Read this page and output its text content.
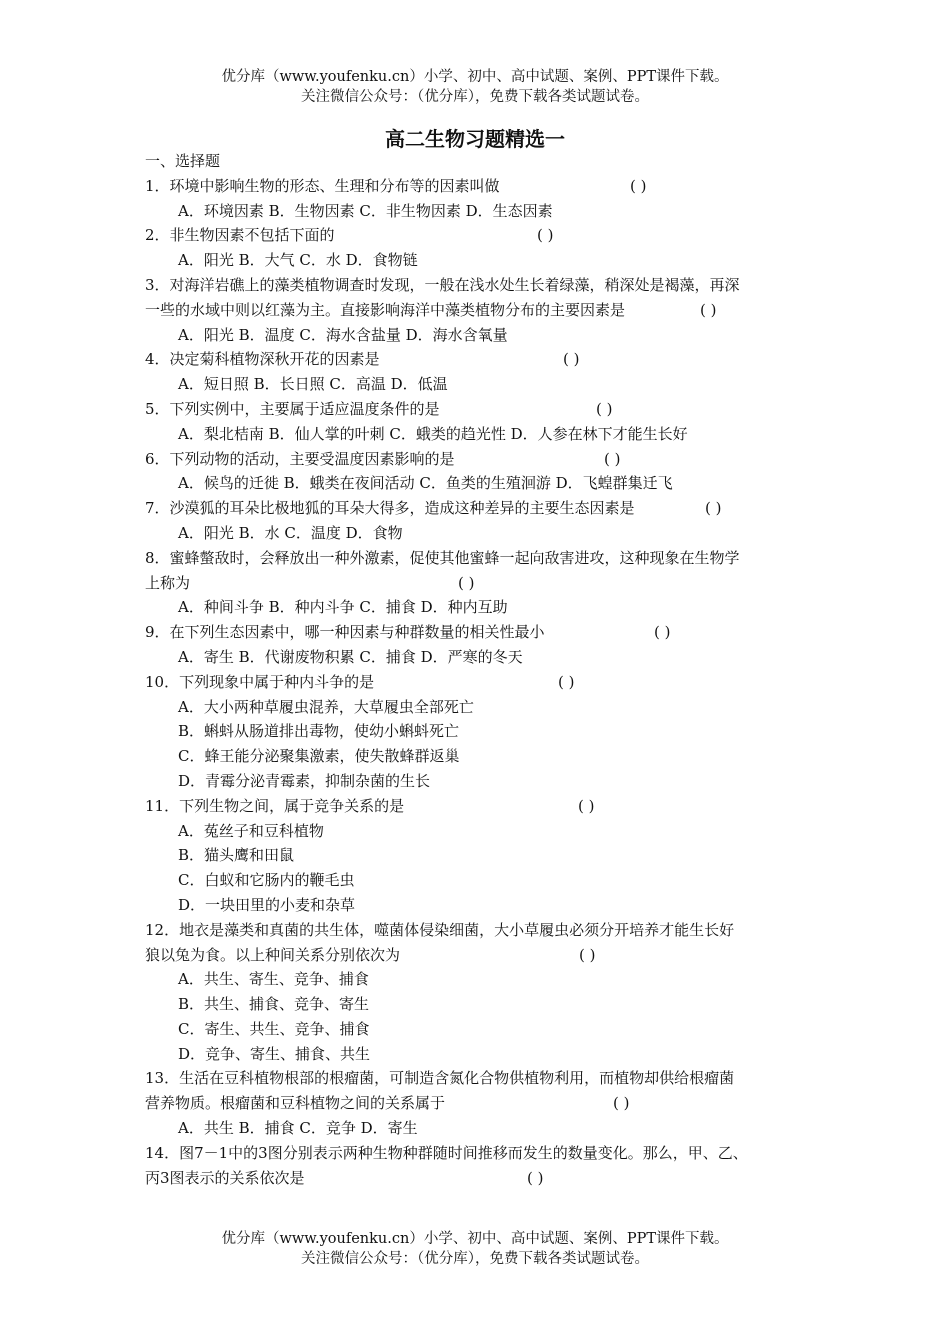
优分库（www.youfenku.cn）小学、初中、高中试题、案例、PPT课件下载。
关注微信公众号：（优分库），免费下载各类试题试卷。
高二生物习题精选一
一、选择题
1．环境中影响生物的形态、生理和分布等的因素叫做	( )
A．环境因素 B．生物因素 C．非生物因素 D．生态因素
2．非生物因素不包括下面的	( )
A．阳光 B．大气 C．水 D．食物链
3．对海洋岩礁上的藻类植物调查时发现，一般在浅水处生长着绿藻，稍深处是褐藻，再深
一些的水域中则以红藻为主。直接影响海洋中藻类植物分布的主要因素是	( )
A．阳光 B．温度 C．海水含盐量 D．海水含氧量
4．决定菊科植物深秋开花的因素是	( )
A．短日照 B．长日照 C．高温 D．低温
5．下列实例中，主要属于适应温度条件的是	( )
A．梨北桔南 B．仙人掌的叶刺 C．蛾类的趋光性 D．人参在林下才能生长好
6．下列动物的活动，主要受温度因素影响的是	( )
A．候鸟的迁徙 B．蛾类在夜间活动 C．鱼类的生殖洄游 D．飞蝗群集迁飞
7．沙漠狐的耳朵比极地狐的耳朵大得多，造成这种差异的主要生态因素是	( )
A．阳光 B．水 C．温度 D．食物
8．蜜蜂螫敌时，会释放出一种外激素，促使其他蜜蜂一起向敌害进攻，这种现象在生物学
上称为	( )
A．种间斗争 B．种内斗争 C．捕食 D．种内互助
9．在下列生态因素中，哪一种因素与种群数量的相关性最小	( )
A．寄生 B．代谢废物积累 C．捕食 D．严寒的冬天
10．下列现象中属于种内斗争的是	( )
A．大小两种草履虫混养，大草履虫全部死亡
B．蝌蚪从肠道排出毒物，使幼小蝌蚪死亡
C．蜂王能分泌聚集激素，使失散蜂群返巢
D．青霉分泌青霉素，抑制杂菌的生长
11．下列生物之间，属于竞争关系的是	( )
A．菟丝子和豆科植物
B．猫头鹰和田鼠
C．白蚁和它肠内的鞭毛虫
D．一块田里的小麦和杂草
12．地衣是藻类和真菌的共生体，噬菌体侵染细菌，大小草履虫必须分开培养才能生长好
狼以兔为食。以上种间关系分别依次为	( )
A．共生、寄生、竞争、捕食
B．共生、捕食、竞争、寄生
C．寄生、共生、竞争、捕食
D．竞争、寄生、捕食、共生
13．生活在豆科植物根部的根瘤菌，可制造含氮化合物供植物利用，而植物却供给根瘤菌
营养物质。根瘤菌和豆科植物之间的关系属于	( )
A．共生 B．捕食 C．竞争 D．寄生
14．图7－1中的3图分别表示两种生物种群随时间推移而发生的数量变化。那么，甲、乙、
丙3图表示的关系依次是	( )
优分库（www.youfenku.cn）小学、初中、高中试题、案例、PPT课件下载。
关注微信公众号：（优分库），免费下载各类试题试卷。
